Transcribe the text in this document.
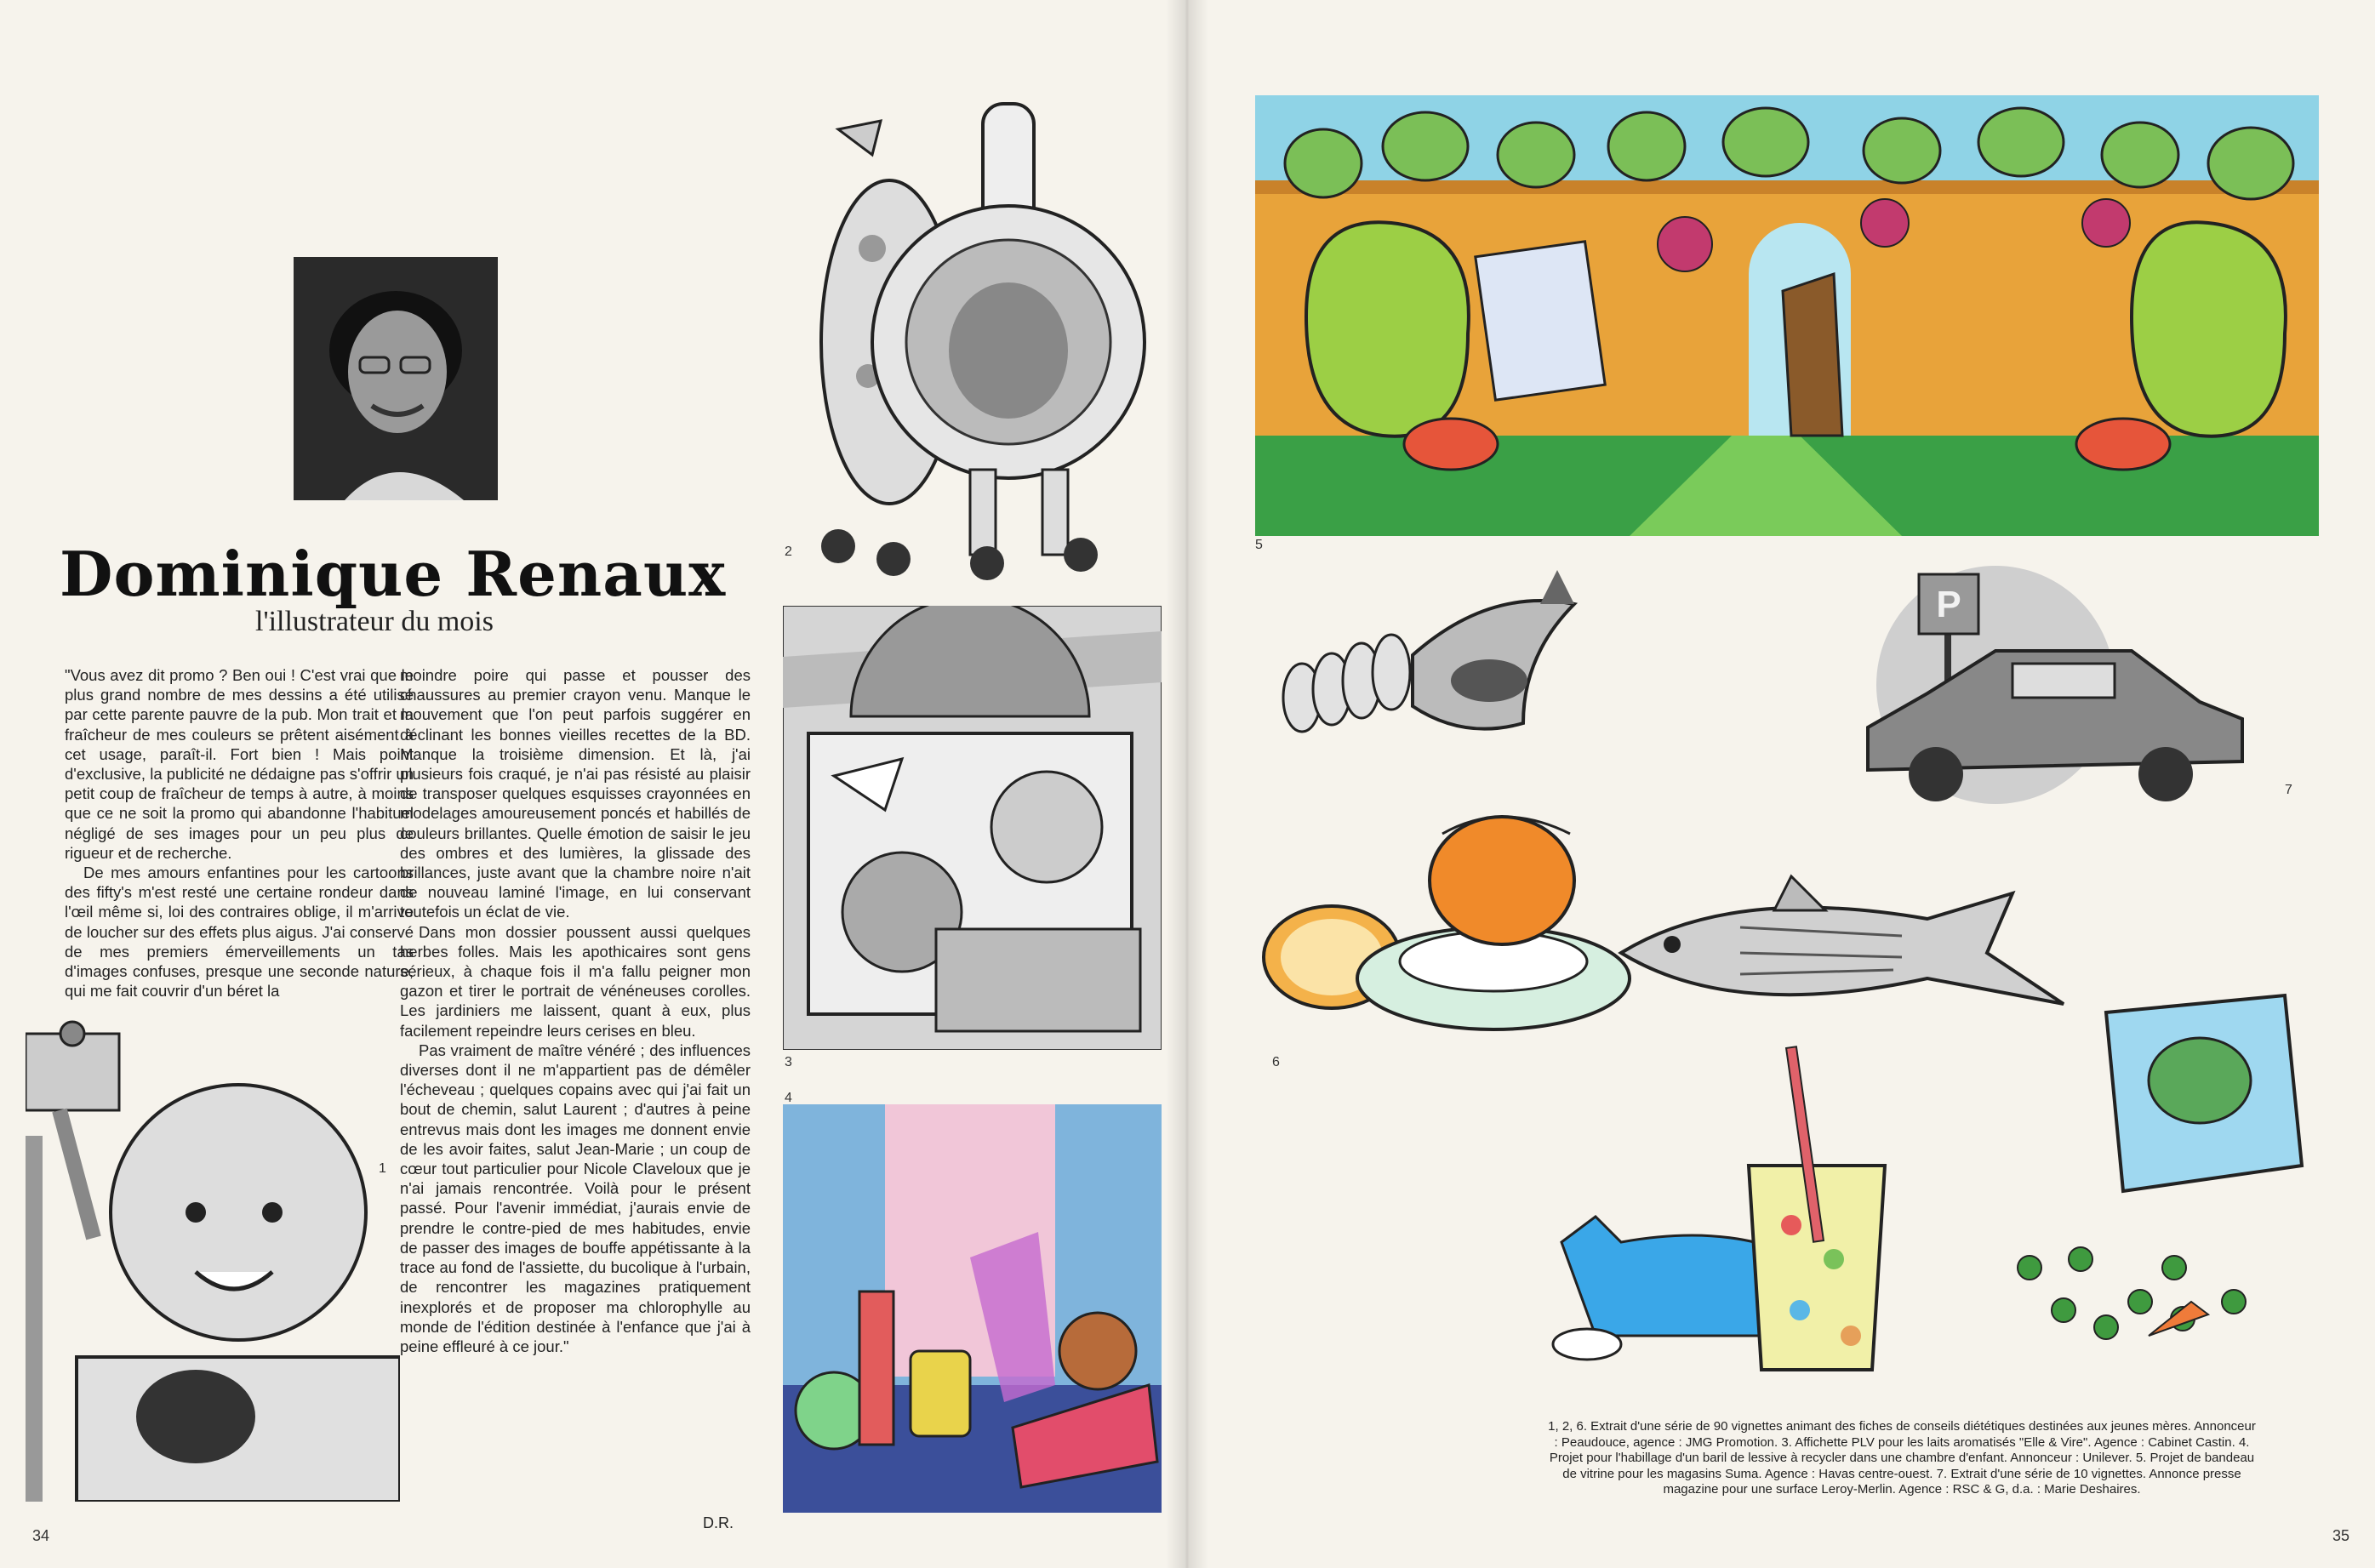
2
Dominique Renaux
l'illustrateur du mois

"Vous avez dit promo ? Ben oui ! C'est vrai que le plus grand nombre de mes dessins a été utilisé par cette parente pauvre de la pub. Mon trait et la fraîcheur de mes couleurs se prêtent aisément à cet usage, paraît-il. Fort bien ! Mais point d'exclusive, la publicité ne dédaigne pas s'offrir un petit coup de fraîcheur de temps à autre, à moins que ce ne soit la promo qui abandonne l'habituel négligé de ses images pour un peu plus de rigueur et de recherche.

De mes amours enfantines pour les cartoons des fifty's m'est resté une certaine rondeur dans l'œil même si, loi des contraires oblige, il m'arrive de loucher sur des effets plus aigus. J'ai conservé de mes premiers émerveillements un tas d'images confuses, presque une seconde nature, qui me fait couvrir d'un béret la

moindre poire qui passe et pousser des chaussures au premier crayon venu. Manque le mouvement que l'on peut parfois suggérer en déclinant les bonnes vieilles recettes de la BD. Manque la troisième dimension. Et là, j'ai plusieurs fois craqué, je n'ai pas résisté au plaisir de transposer quelques esquisses crayonnées en modelages amoureusement poncés et habillés de couleurs brillantes. Quelle émotion de saisir le jeu des ombres et des lumières, la glissade des brillances, juste avant que la chambre noire n'ait de nouveau laminé l'image, en lui conservant toutefois un éclat de vie.

Dans mon dossier poussent aussi quelques herbes folles. Mais les apothicaires sont gens sérieux, à chaque fois il m'a fallu peigner mon gazon et tirer le portrait de vénéneuses corolles. Les jardiniers me laissent, quant à eux, plus facilement repeindre leurs cerises en bleu.

Pas vraiment de maître vénéré ; des influences diverses dont il ne m'appartient pas de démêler l'écheveau ; quelques copains avec qui j'ai fait un bout de chemin, salut Laurent ; d'autres à peine entrevus mais dont les images me donnent envie de les avoir faites, salut Jean-Marie ; un coup de cœur tout particulier pour Nicole Claveloux que je n'ai jamais rencontrée. Voilà pour le présent passé. Pour l'avenir immédiat, j'aurais envie de prendre le contre-pied de mes habitudes, envie de passer des images de bouffe appétissante à la trace au fond de l'assiette, du bucolique à l'urbain, de rencontrer les magazines pratiquement inexplorés et de proposer ma chlorophylle au monde de l'édition destinée à l'enfance que j'ai à peine effleuré à ce jour."

D.R.
1
3
4
34
5
P
7
6
1, 2, 6. Extrait d'une série de 90 vignettes animant des fiches de conseils diététiques destinées aux jeunes mères. Annonceur : Peaudouce, agence : JMG Promotion. 3. Affichette PLV pour les laits aromatisés "Elle & Vire". Agence : Cabinet Castin. 4. Projet pour l'habillage d'un baril de lessive à recycler dans une chambre d'enfant. Annonceur : Unilever. 5. Projet de bandeau de vitrine pour les magasins Suma. Agence : Havas centre-ouest. 7. Extrait d'une série de 10 vignettes. Annonce presse magazine pour une surface Leroy-Merlin. Agence : RSC & G, d.a. : Marie Deshaires.
35
